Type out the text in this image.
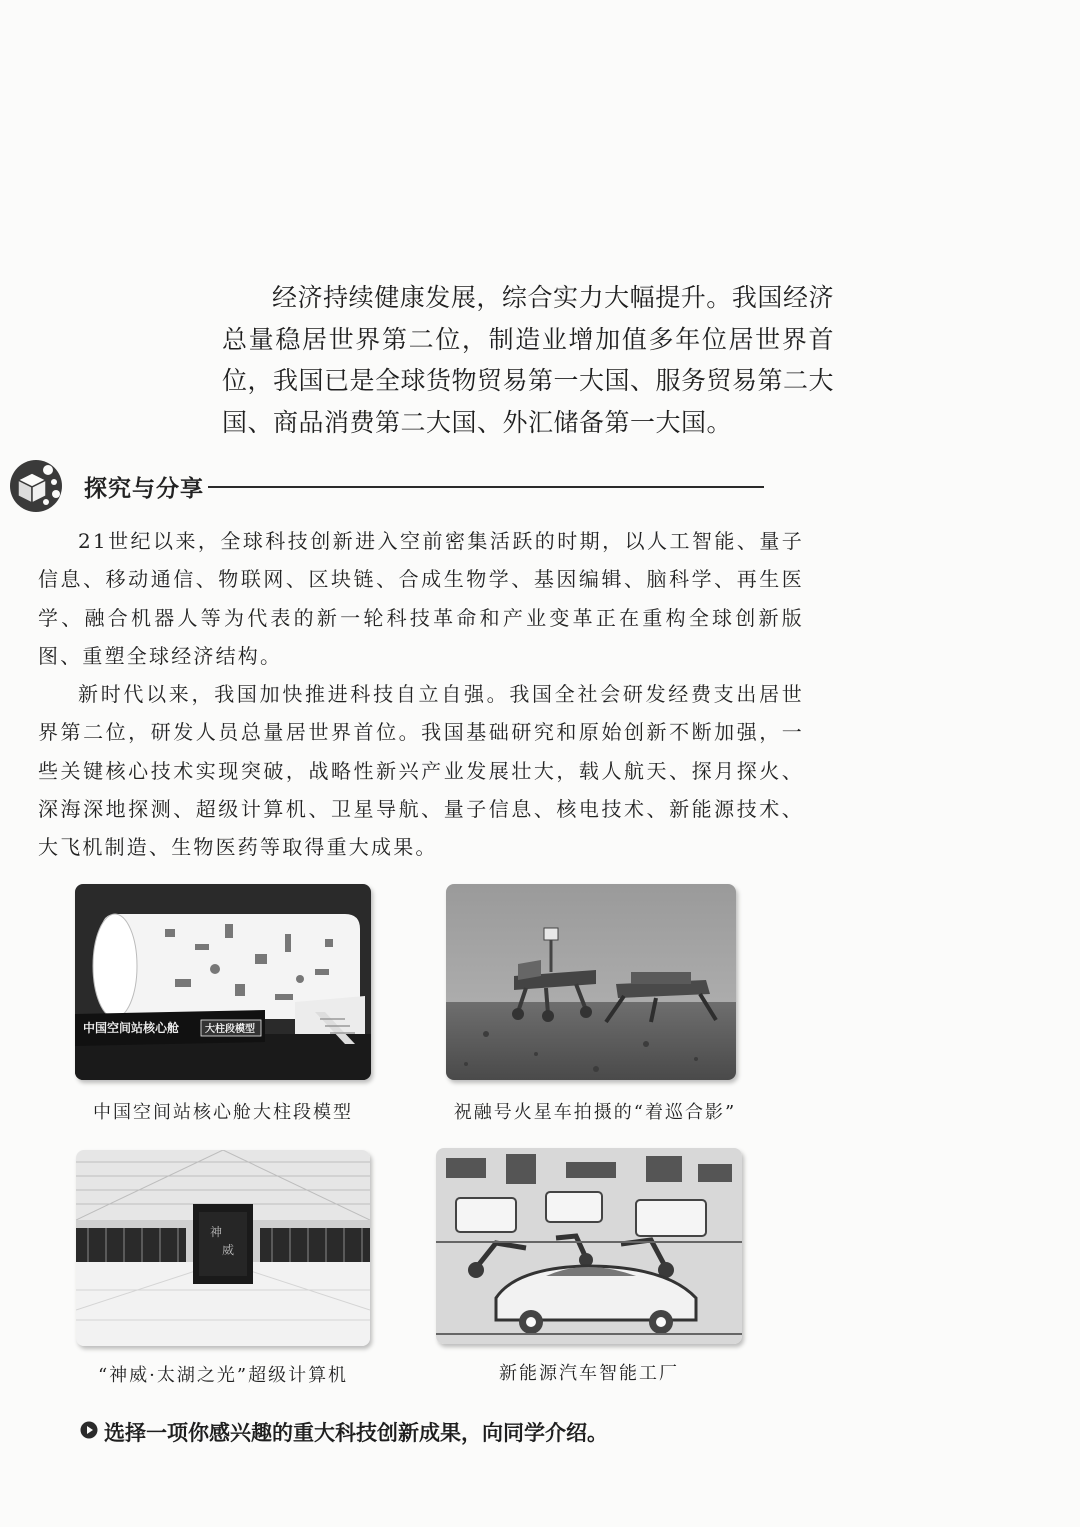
经济持续健康发展，综合实力大幅提升。我国经济总量稳居世界第二位，制造业增加值多年位居世界首位，我国已是全球货物贸易第一大国、服务贸易第二大国、商品消费第二大国、外汇储备第一大国。

探究与分享

21世纪以来，全球科技创新进入空前密集活跃的时期，以人工智能、量子信息、移动通信、物联网、区块链、合成生物学、基因编辑、脑科学、再生医学、融合机器人等为代表的新一轮科技革命和产业变革正在重构全球创新版图、重塑全球经济结构。

新时代以来，我国加快推进科技自立自强。我国全社会研发经费支出居世界第二位，研发人员总量居世界首位。我国基础研究和原始创新不断加强，一些关键核心技术实现突破，战略性新兴产业发展壮大，载人航天、探月探火、深海深地探测、超级计算机、卫星导航、量子信息、核电技术、新能源技术、大飞机制造、生物医药等取得重大成果。

中国空间站核心舱	大柱段模型
中国空间站核心舱大柱段模型	祝融号火星车拍摄的“着巡合影”
神
威
“神威·太湖之光”超级计算机	新能源汽车智能工厂
选择一项你感兴趣的重大科技创新成果，向同学介绍。
